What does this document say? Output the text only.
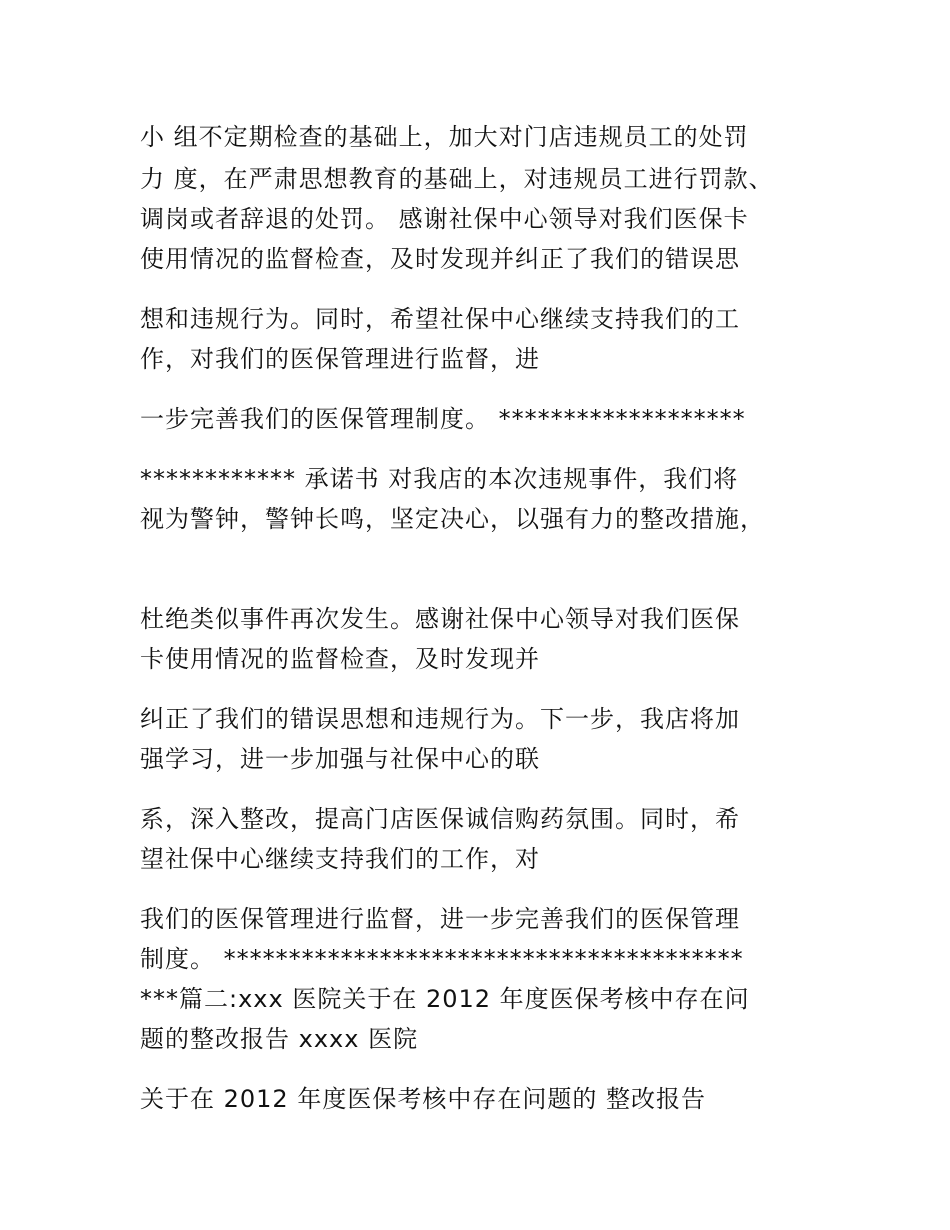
小 组不定期检查的基础上，加大对门店违规员工的处罚
力 度，在严肃思想教育的基础上，对违规员工进行罚款、
调岗或者辞退的处罚。 感谢社保中心领导对我们医保卡
使用情况的监督检查，及时发现并纠正了我们的错误思
想和违规行为。同时，希望社保中心继续支持我们的工
作，对我们的医保管理进行监督，进
一步完善我们的医保管理制度。 *******************
************ 承诺书 对我店的本次违规事件，我们将
视为警钟，警钟长鸣，坚定决心，以强有力的整改措施，
杜绝类似事件再次发生。感谢社保中心领导对我们医保
卡使用情况的监督检查，及时发现并
纠正了我们的错误思想和违规行为。下一步，我店将加
强学习，进一步加强与社保中心的联
系，深入整改，提高门店医保诚信购药氛围。同时，希
望社保中心继续支持我们的工作，对
我们的医保管理进行监督，进一步完善我们的医保管理
制度。 ****************************************
***篇二:xxx 医院关于在 2012 年度医保考核中存在问
题的整改报告 xxxx 医院
关于在 2012 年度医保考核中存在问题的 整改报告
